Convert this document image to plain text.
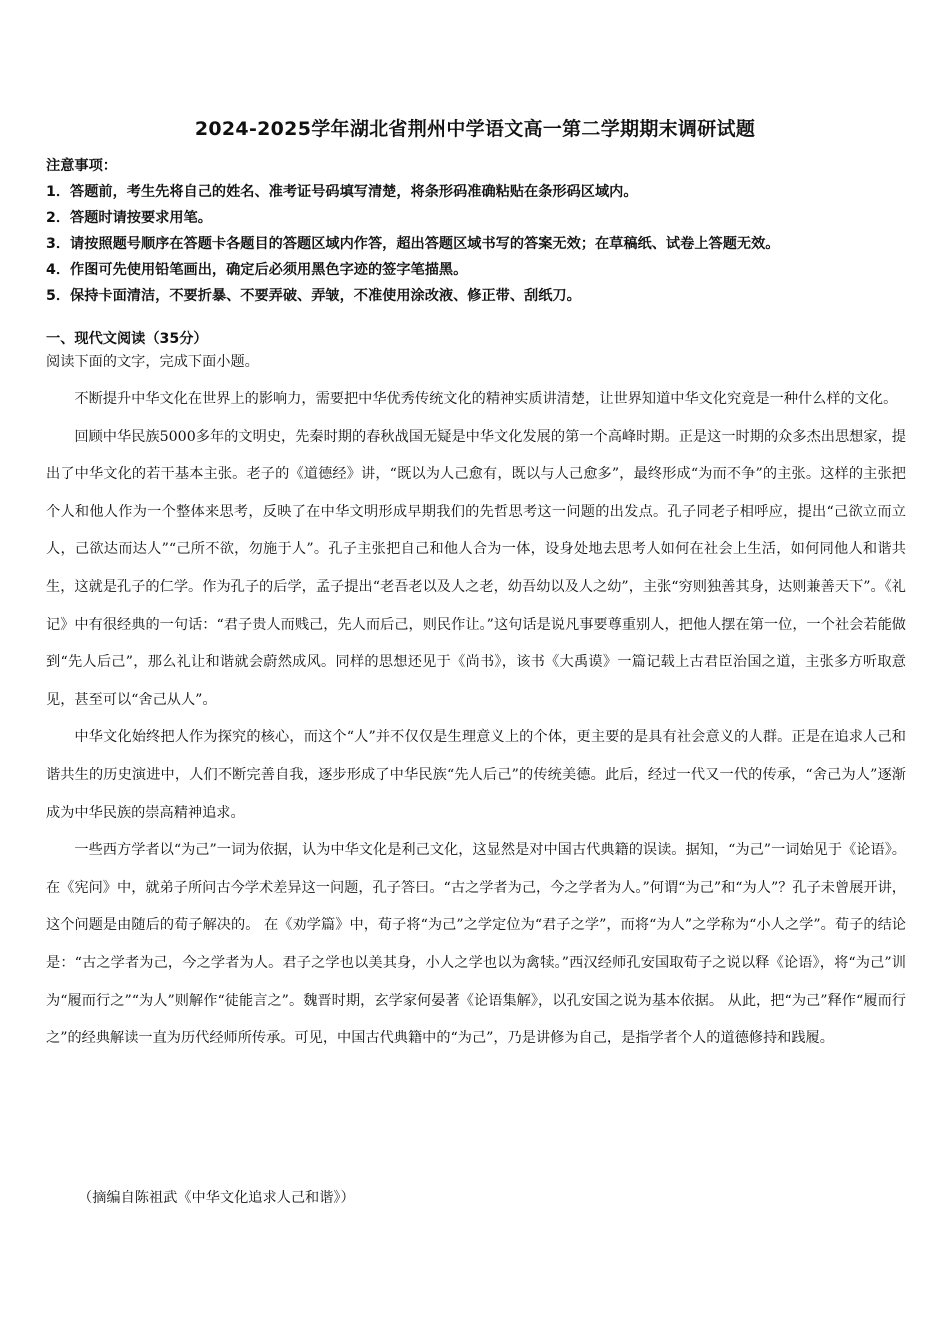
2024-2025学年湖北省荆州中学语文高一第二学期期末调研试题
注意事项：
1．答题前，考生先将自己的姓名、准考证号码填写清楚，将条形码准确粘贴在条形码区域内。
2．答题时请按要求用笔。
3．请按照题号顺序在答题卡各题目的答题区域内作答，超出答题区域书写的答案无效；在草稿纸、试卷上答题无效。
4．作图可先使用铅笔画出，确定后必须用黑色字迹的签字笔描黑。
5．保持卡面清洁，不要折暴、不要弄破、弄皱，不准使用涂改液、修正带、刮纸刀。
一、现代文阅读（35分）
阅读下面的文字，完成下面小题。

不断提升中华文化在世界上的影响力，需要把中华优秀传统文化的精神实质讲清楚，让世界知道中华文化究竟是一种什么样的文化。

回顾中华民族5000多年的文明史，先秦时期的春秋战国无疑是中华文化发展的第一个高峰时期。正是这一时期的众多杰出思想家，提出了中华文化的若干基本主张。老子的《道德经》讲，“既以为人己愈有，既以与人己愈多”，最终形成“为而不争”的主张。这样的主张把个人和他人作为一个整体来思考，反映了在中华文明形成早期我们的先哲思考这一问题的出发点。孔子同老子相呼应，提出“己欲立而立人，己欲达而达人”“己所不欲，勿施于人”。孔子主张把自己和他人合为一体，设身处地去思考人如何在社会上生活，如何同他人和谐共生，这就是孔子的仁学。作为孔子的后学，孟子提出“老吾老以及人之老，幼吾幼以及人之幼”，主张“穷则独善其身，达则兼善天下”。《礼记》中有很经典的一句话：“君子贵人而贱己，先人而后己，则民作让。”这句话是说凡事要尊重别人，把他人摆在第一位，一个社会若能做到“先人后己”，那么礼让和谐就会蔚然成风。同样的思想还见于《尚书》，该书《大禹谟》一篇记载上古君臣治国之道，主张多方听取意见，甚至可以“舍己从人”。

中华文化始终把人作为探究的核心，而这个“人”并不仅仅是生理意义上的个体，更主要的是具有社会意义的人群。正是在追求人己和谐共生的历史演进中，人们不断完善自我，逐步形成了中华民族“先人后己”的传统美德。此后，经过一代又一代的传承，“舍己为人”逐渐成为中华民族的崇高精神追求。

一些西方学者以“为己”一词为依据，认为中华文化是利己文化，这显然是对中国古代典籍的误读。据知，“为己”一词始见于《论语》。在《宪问》中，就弟子所问古今学术差异这一问题，孔子答曰。“古之学者为己，今之学者为人。”何谓“为己”和“为人”？孔子未曾展开讲，这个问题是由随后的荀子解决的。 在《劝学篇》中，荀子将“为己”之学定位为“君子之学”，而将“为人”之学称为“小人之学”。荀子的结论是：“古之学者为己，今之学者为人。君子之学也以美其身，小人之学也以为禽犊。”西汉经师孔安国取荀子之说以释《论语》，将“为己”训为“履而行之”“为人”则解作“徒能言之”。魏晋时期，玄学家何晏著《论语集解》，以孔安国之说为基本依据。 从此，把“为己”释作“履而行之”的经典解读一直为历代经师所传承。可见，中国古代典籍中的“为己”，乃是讲修为自己，是指学者个人的道德修持和践履。

（摘编自陈祖武《中华文化追求人己和谐》）
